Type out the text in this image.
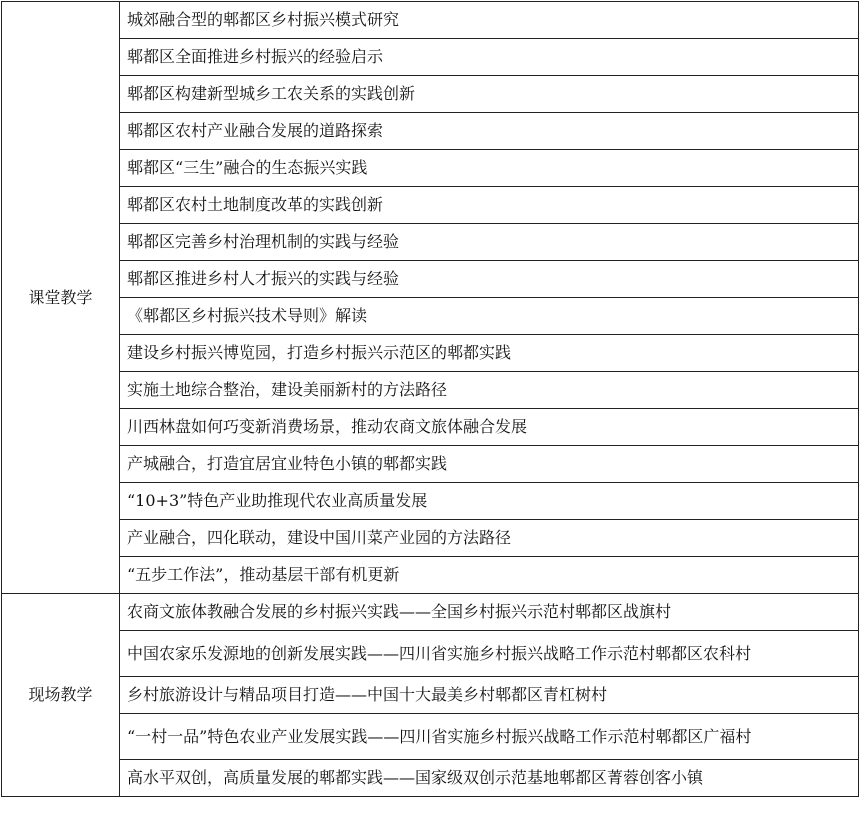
课堂教学	城郊融合型的郫都区乡村振兴模式研究
	郫都区全面推进乡村振兴的经验启示
	郫都区构建新型城乡工农关系的实践创新
	郫都区农村产业融合发展的道路探索
	郫都区“三生”融合的生态振兴实践
	郫都区农村土地制度改革的实践创新
	郫都区完善乡村治理机制的实践与经验
	郫都区推进乡村人才振兴的实践与经验
	《郫都区乡村振兴技术导则》解读
	建设乡村振兴博览园，打造乡村振兴示范区的郫都实践
	实施土地综合整治，建设美丽新村的方法路径
	川西林盘如何巧变新消费场景，推动农商文旅体融合发展
	产城融合，打造宜居宜业特色小镇的郫都实践
	“10+3”特色产业助推现代农业高质量发展
	产业融合，四化联动，建设中国川菜产业园的方法路径
	“五步工作法”，推动基层干部有机更新
现场教学	农商文旅体教融合发展的乡村振兴实践——全国乡村振兴示范村郫都区战旗村
	中国农家乐发源地的创新发展实践——四川省实施乡村振兴战略工作示范村郫都区农科村
	乡村旅游设计与精品项目打造——中国十大最美乡村郫都区青杠树村
	“一村一品”特色农业产业发展实践——四川省实施乡村振兴战略工作示范村郫都区广福村
	高水平双创，高质量发展的郫都实践——国家级双创示范基地郫都区菁蓉创客小镇
